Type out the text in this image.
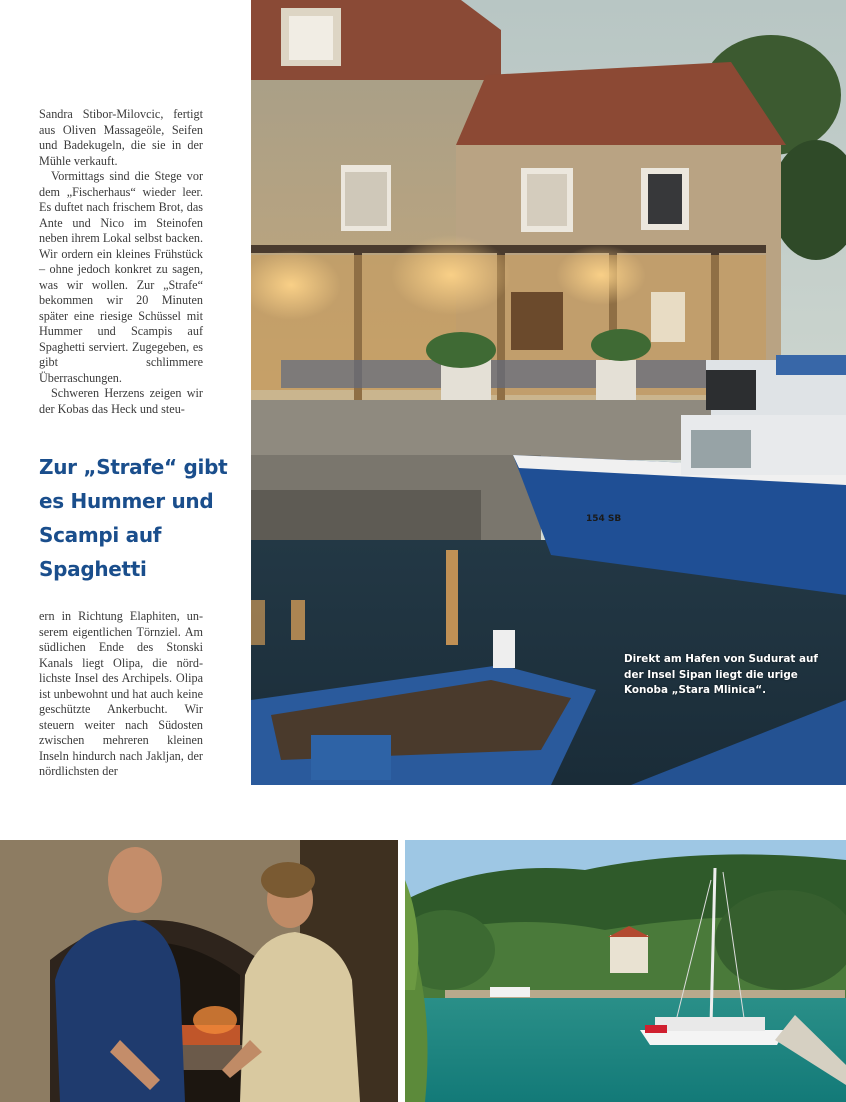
Sandra Stibor-Milovcic, fertigt aus Oliven Massageöle, Seifen und Badekugeln, die sie in der Mühle verkauft.

Vormittags sind die Stege vor dem „Fischerhaus“ wieder leer. Es duftet nach frischem Brot, das Ante und Nico im Steinofen neben ihrem Lokal selbst backen. Wir ordern ein kleines Frühstück – ohne jedoch konkret zu sagen, was wir wollen. Zur „Strafe“ bekommen wir 20 Minuten später eine riesige Schüssel mit Hummer und Scampis auf Spaghetti serviert. Zugegeben, es gibt schlimmere Überraschungen.

Schweren Herzens zeigen wir der Kobas das Heck und steu-

Zur „Strafe“ gibt es Hummer und Scampi auf Spaghetti

ern in Richtung Elaphiten, unserem eigentlichen Törnziel. Am südlichen Ende des Stonski Kanals liegt Olipa, die nördlichste Insel des Archipels. Olipa ist unbewohnt und hat auch keine geschützte Ankerbucht. Wir steuern weiter nach Südosten zwischen mehreren kleinen Inseln hindurch nach Jakljan, der nördlichsten der

154 SB
Direkt am Hafen von Sudurat auf der Insel Sipan liegt die urige Konoba „Stara Mlinica“.
